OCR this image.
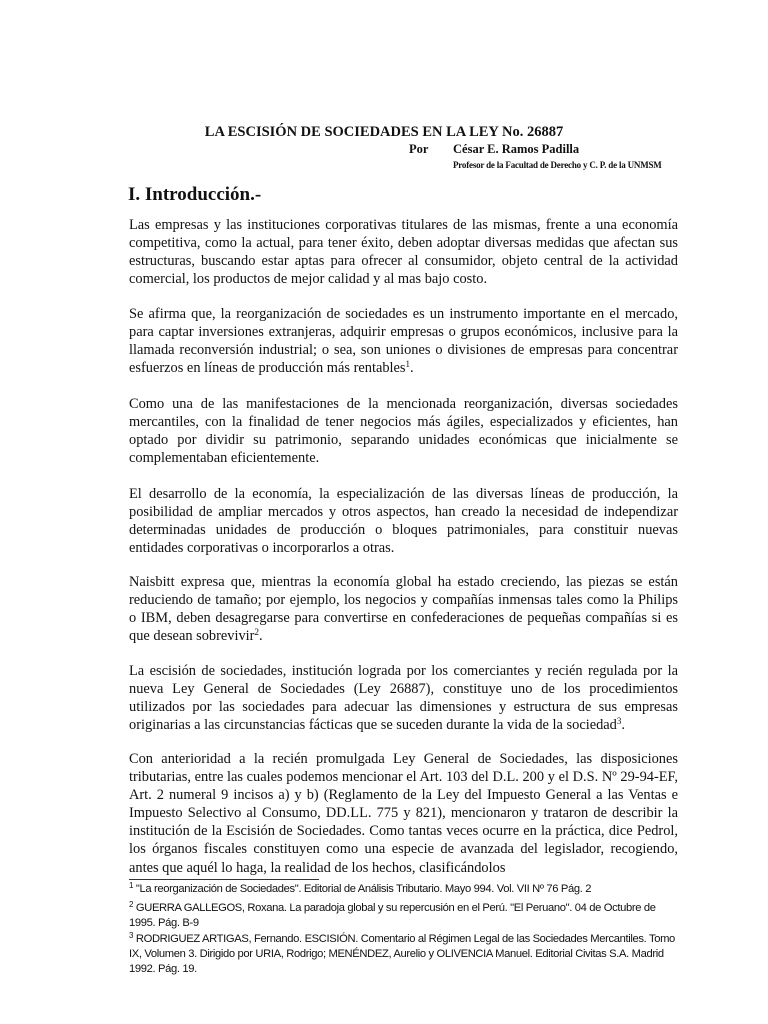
LA ESCISIÓN DE SOCIEDADES EN LA LEY No. 26887
Por César E. Ramos Padilla
Profesor de la Facultad de Derecho y C. P. de la UNMSM
I. Introducción.-

Las empresas y las instituciones corporativas titulares de las mismas, frente a una economía competitiva, como la actual, para tener éxito, deben adoptar diversas medidas que afectan sus estructuras, buscando estar aptas para ofrecer al consumidor, objeto central de la actividad comercial, los productos de mejor calidad y al mas bajo costo.

Se afirma que, la reorganización de sociedades es un instrumento importante en el mercado, para captar inversiones extranjeras, adquirir empresas o grupos económicos, inclusive para la llamada reconversión industrial; o sea, son uniones o divisiones de empresas para concentrar esfuerzos en líneas de producción más rentables$^1$.

Como una de las manifestaciones de la mencionada reorganización, diversas sociedades mercantiles, con la finalidad de tener negocios más ágiles, especializados y eficientes, han optado por dividir su patrimonio, separando unidades económicas que inicialmente se complementaban eficientemente.

El desarrollo de la economía, la especialización de las diversas líneas de producción, la posibilidad de ampliar mercados y otros aspectos, han creado la necesidad de independizar determinadas unidades de producción o bloques patrimoniales, para constituir nuevas entidades corporativas o incorporarlos a otras.

Naisbitt expresa que, mientras la economía global ha estado creciendo, las piezas se están reduciendo de tamaño; por ejemplo, los negocios y compañías inmensas tales como la Philips o IBM, deben desagregarse para convertirse en confederaciones de pequeñas compañías si es que desean sobrevivir$^2$.

La escisión de sociedades, institución lograda por los comerciantes y recién regulada por la nueva Ley General de Sociedades (Ley 26887), constituye uno de los procedimientos utilizados por las sociedades para adecuar las dimensiones y estructura de sus empresas originarias a las circunstancias fácticas que se suceden durante la vida de la sociedad$^3$.

Con anterioridad a la recién promulgada Ley General de Sociedades, las disposiciones tributarias, entre las cuales podemos mencionar el Art. 103 del D.L. 200 y el D.S. Nº 29-94-EF, Art. 2 numeral 9 incisos a) y b) (Reglamento de la Ley del Impuesto General a las Ventas e Impuesto Selectivo al Consumo, DD.LL. 775 y 821), mencionaron y trataron de describir la institución de la Escisión de Sociedades. Como tantas veces ocurre en la práctica, dice Pedrol, los órganos fiscales constituyen como una especie de avanzada del legislador, recogiendo, antes que aquél lo haga, la realidad de los hechos, clasificándolos

$^1$ "La reorganización de Sociedades". Editorial de Análisis Tributario. Mayo 994. Vol. VII Nº 76 Pág. 2

$^2$ GUERRA GALLEGOS, Roxana. La paradoja global y su repercusión en el Perú. "El Peruano". 04 de Octubre de 1995. Pág. B-9

$^3$ RODRIGUEZ ARTIGAS, Fernando. ESCISIÓN. Comentario al Régimen Legal de las Sociedades Mercantiles. Tomo IX, Volumen 3. Dirigido por URIA, Rodrigo; MENÉNDEZ, Aurelio y OLIVENCIA Manuel. Editorial Civitas S.A. Madrid 1992. Pág. 19.
